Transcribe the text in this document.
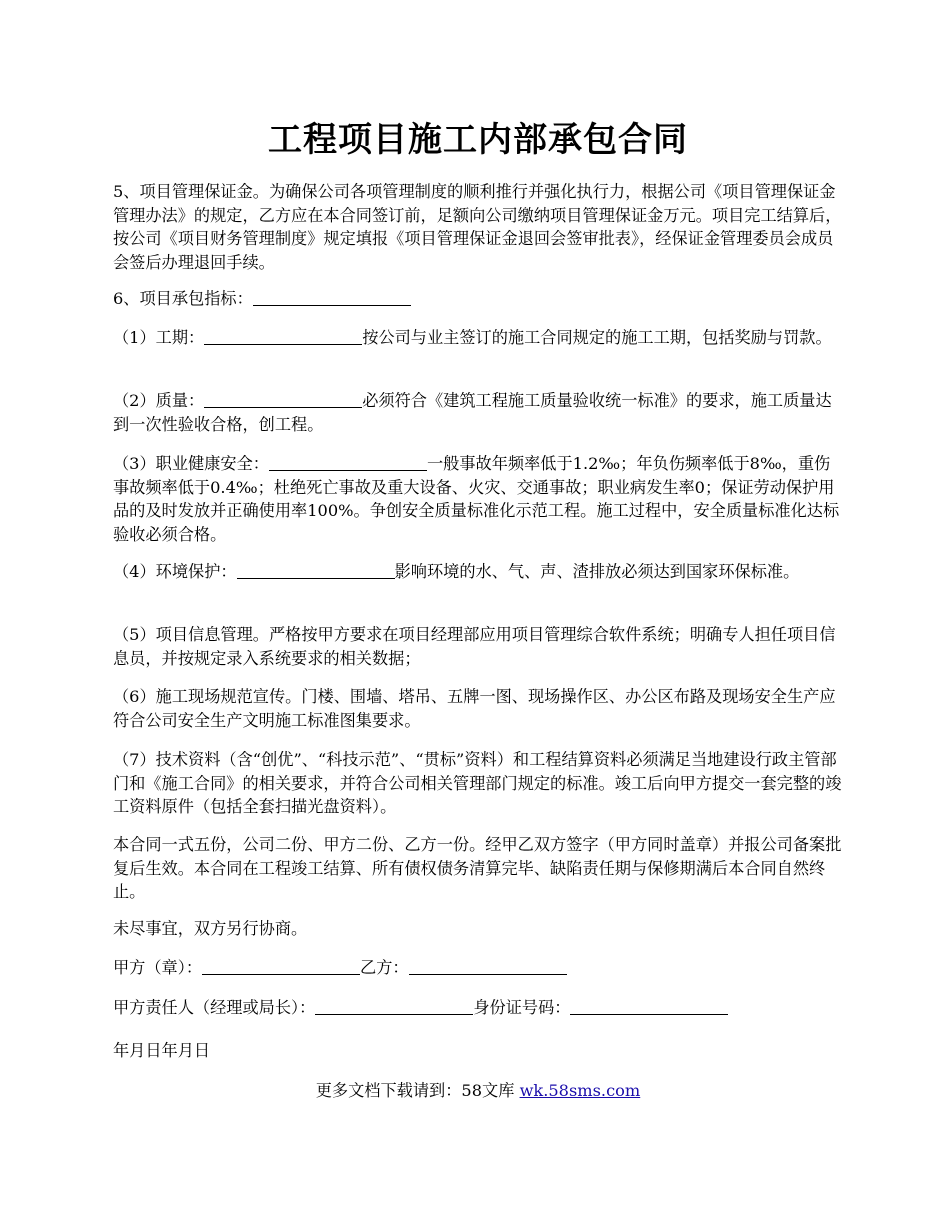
工程项目施工内部承包合同

5、项目管理保证金。为确保公司各项管理制度的顺利推行并强化执行力，根据公司《项目管理保证金管理办法》的规定，乙方应在本合同签订前，足额向公司缴纳项目管理保证金万元。项目完工结算后，按公司《项目财务管理制度》规定填报《项目管理保证金退回会签审批表》，经保证金管理委员会成员会签后办理退回手续。

6、项目承包指标：

（1）工期：	按公司与业主签订的施工合同规定的施工工期，包括奖励与罚款。

（2）质量：	必须符合《建筑工程施工质量验收统一标准》的要求，施工质量达到一次性验收合格，创工程。

（3）职业健康安全：	一般事故年频率低于1.2‰；年负伤频率低于8‰，重伤事故频率低于0.4‰；杜绝死亡事故及重大设备、火灾、交通事故；职业病发生率0；保证劳动保护用品的及时发放并正确使用率100%。争创安全质量标准化示范工程。施工过程中，安全质量标准化达标验收必须合格。

（4）环境保护：	影响环境的水、气、声、渣排放必须达到国家环保标准。

（5）项目信息管理。严格按甲方要求在项目经理部应用项目管理综合软件系统；明确专人担任项目信息员，并按规定录入系统要求的相关数据；

（6）施工现场规范宣传。门楼、围墙、塔吊、五牌一图、现场操作区、办公区布路及现场安全生产应符合公司安全生产文明施工标准图集要求。

（7）技术资料（含“创优”、“科技示范”、“贯标”资料）和工程结算资料必须满足当地建设行政主管部门和《施工合同》的相关要求，并符合公司相关管理部门规定的标准。竣工后向甲方提交一套完整的竣工资料原件（包括全套扫描光盘资料）。

本合同一式五份，公司二份、甲方二份、乙方一份。经甲乙双方签字（甲方同时盖章）并报公司备案批复后生效。本合同在工程竣工结算、所有债权债务清算完毕、缺陷责任期与保修期满后本合同自然终止。

未尽事宜，双方另行协商。

甲方（章）：	乙方：

甲方责任人（经理或局长）：	身份证号码：

年月日年月日

更多文档下载请到：58文库 wk.58sms.com
